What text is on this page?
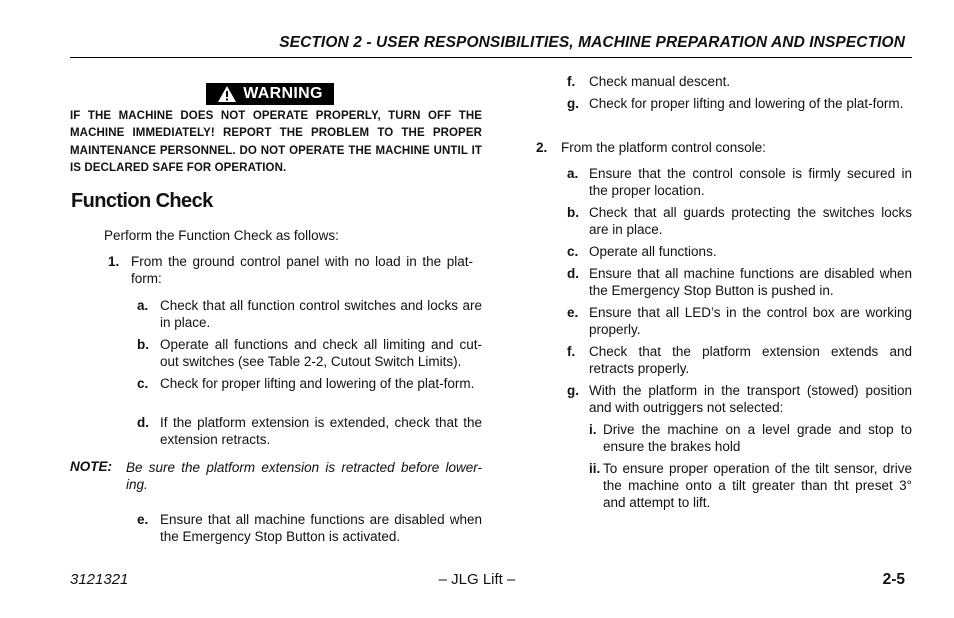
SECTION 2 - USER RESPONSIBILITIES, MACHINE PREPARATION AND INSPECTION
WARNING
IF THE MACHINE DOES NOT OPERATE PROPERLY, TURN OFF THE MACHINE IMMEDIATELY! REPORT THE PROBLEM TO THE PROPER MAINTENANCE PERSONNEL. DO NOT OPERATE THE MACHINE UNTIL IT IS DECLARED SAFE FOR OPERATION.
Function Check
Perform the Function Check as follows:
1. From the ground control panel with no load in the plat-form:
a. Check that all function control switches and locks are in place.
b. Operate all functions and check all limiting and cut-out switches (see Table 2-2, Cutout Switch Limits).
c. Check for proper lifting and lowering of the plat-form.
d. If the platform extension is extended, check that the extension retracts.
NOTE: Be sure the platform extension is retracted before lower-ing.
e. Ensure that all machine functions are disabled when the Emergency Stop Button is activated.
f. Check manual descent.
g. Check for proper lifting and lowering of the plat-form.
2. From the platform control console:
a. Ensure that the control console is firmly secured in the proper location.
b. Check that all guards protecting the switches locks are in place.
c. Operate all functions.
d. Ensure that all machine functions are disabled when the Emergency Stop Button is pushed in.
e. Ensure that all LED’s in the control box are working properly.
f. Check that the platform extension extends and retracts properly.
g. With the platform in the transport (stowed) position and with outriggers not selected:
i. Drive the machine on a level grade and stop to ensure the brakes hold
ii. To ensure proper operation of the tilt sensor, drive the machine onto a tilt greater than tht preset 3° and attempt to lift.
3121321	– JLG Lift –	2-5
